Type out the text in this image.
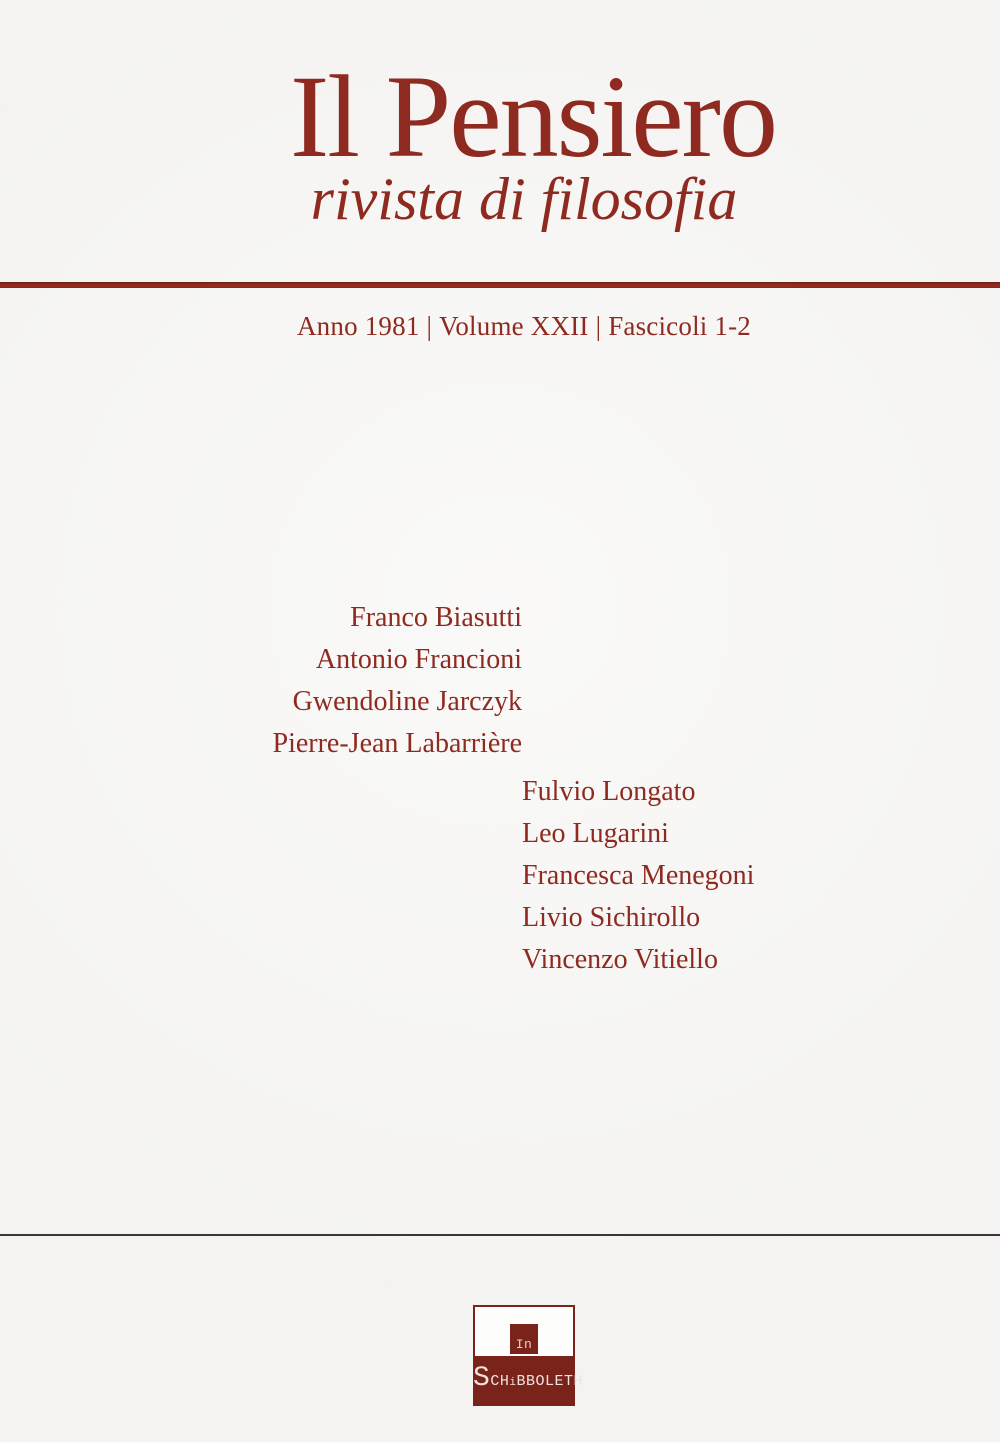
Il Pensiero
rivista di filosofia
Anno 1981 | Volume XXII | Fascicoli 1-2
Franco Biasutti
Antonio Francioni
Gwendoline Jarczyk
Pierre-Jean Labarrière
Fulvio Longato
Leo Lugarini
Francesca Menegoni
Livio Sichirollo
Vincenzo Vitiello
In
SCHiBBOLETH
